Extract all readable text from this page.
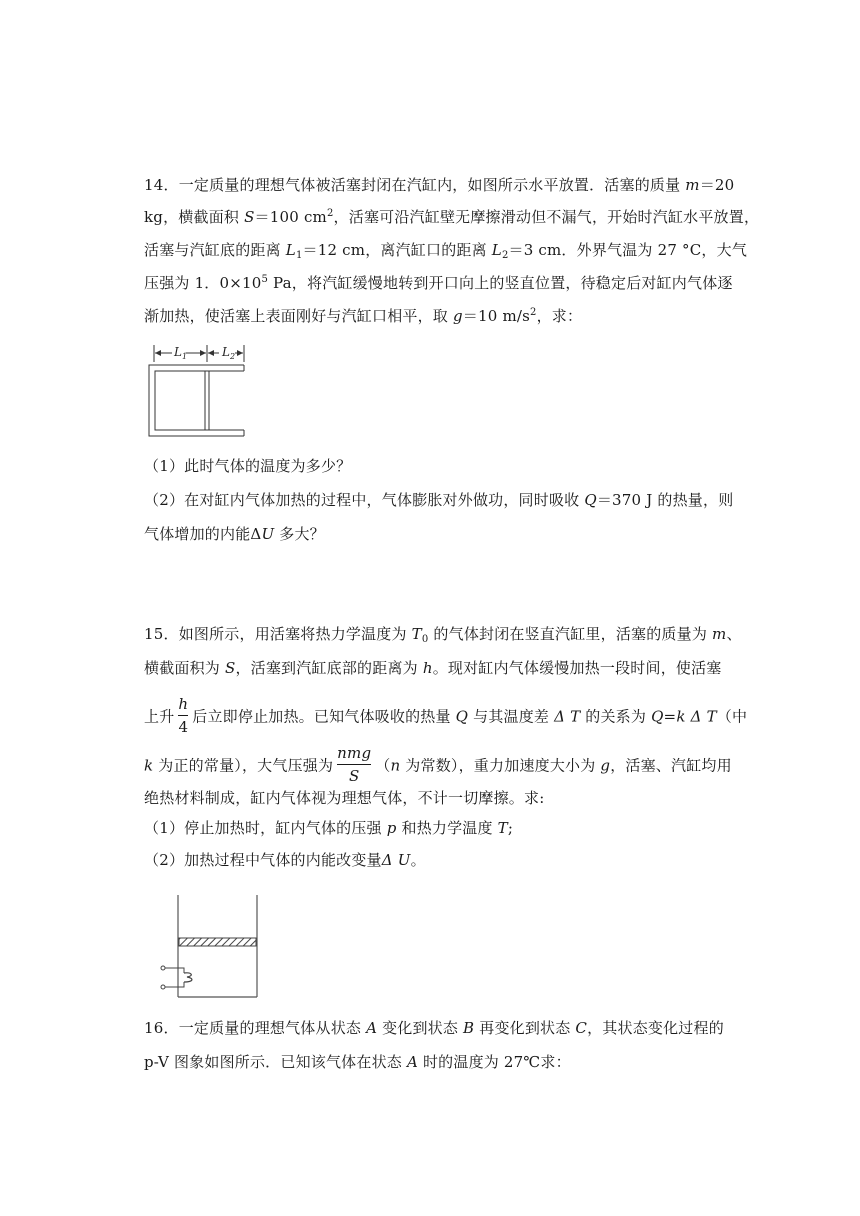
14．一定质量的理想气体被活塞封闭在汽缸内，如图所示水平放置．活塞的质量 m＝20
kg，横截面积 S＝100 $cm^2$，活塞可沿汽缸壁无摩擦滑动但不漏气，开始时汽缸水平放置，
活塞与汽缸底的距离 $L_1=12$ cm，离汽缸口的距离 $L_2=3$ cm．外界气温为 27 °C，大气
压强为 1．$0\times 10^5$ Pa，将汽缸缓慢地转到开口向上的竖直位置，待稳定后对缸内气体逐
渐加热，使活塞上表面刚好与汽缸口相平，取 g＝10 $m/s^2$，求：
$L_1$	$L_2$
（1）此时气体的温度为多少？
（2）在对缸内气体加热的过程中，气体膨胀对外做功，同时吸收 Q＝370 J 的热量，则
气体增加的内能ΔU 多大？
15．如图所示，用活塞将热力学温度为 $T_0$ 的气体封闭在竖直汽缸里，活塞的质量为 m、
横截面积为 S，活塞到汽缸底部的距离为 h。现对缸内气体缓慢加热一段时间，使活塞
上升 $\frac{h}{4}$ 后立即停止加热。已知气体吸收的热量 Q 与其温度差 Δ T 的关系为 Q=k Δ T（中
k 为正的常量），大气压强为 $\frac{\text{nmg}}{S} (n$ 为常数），重力加速度大小为 g，活塞、汽缸均用
绝热材料制成，缸内气体视为理想气体，不计一切摩擦。求:
（1）停止加热时，缸内气体的压强 p 和热力学温度 T;
（2）加热过程中气体的内能改变量Δ U。
16．一定质量的理想气体从状态 A 变化到状态 B 再变化到状态 C，其状态变化过程的
p-V 图象如图所示．已知该气体在状态 A 时的温度为 27℃求：
